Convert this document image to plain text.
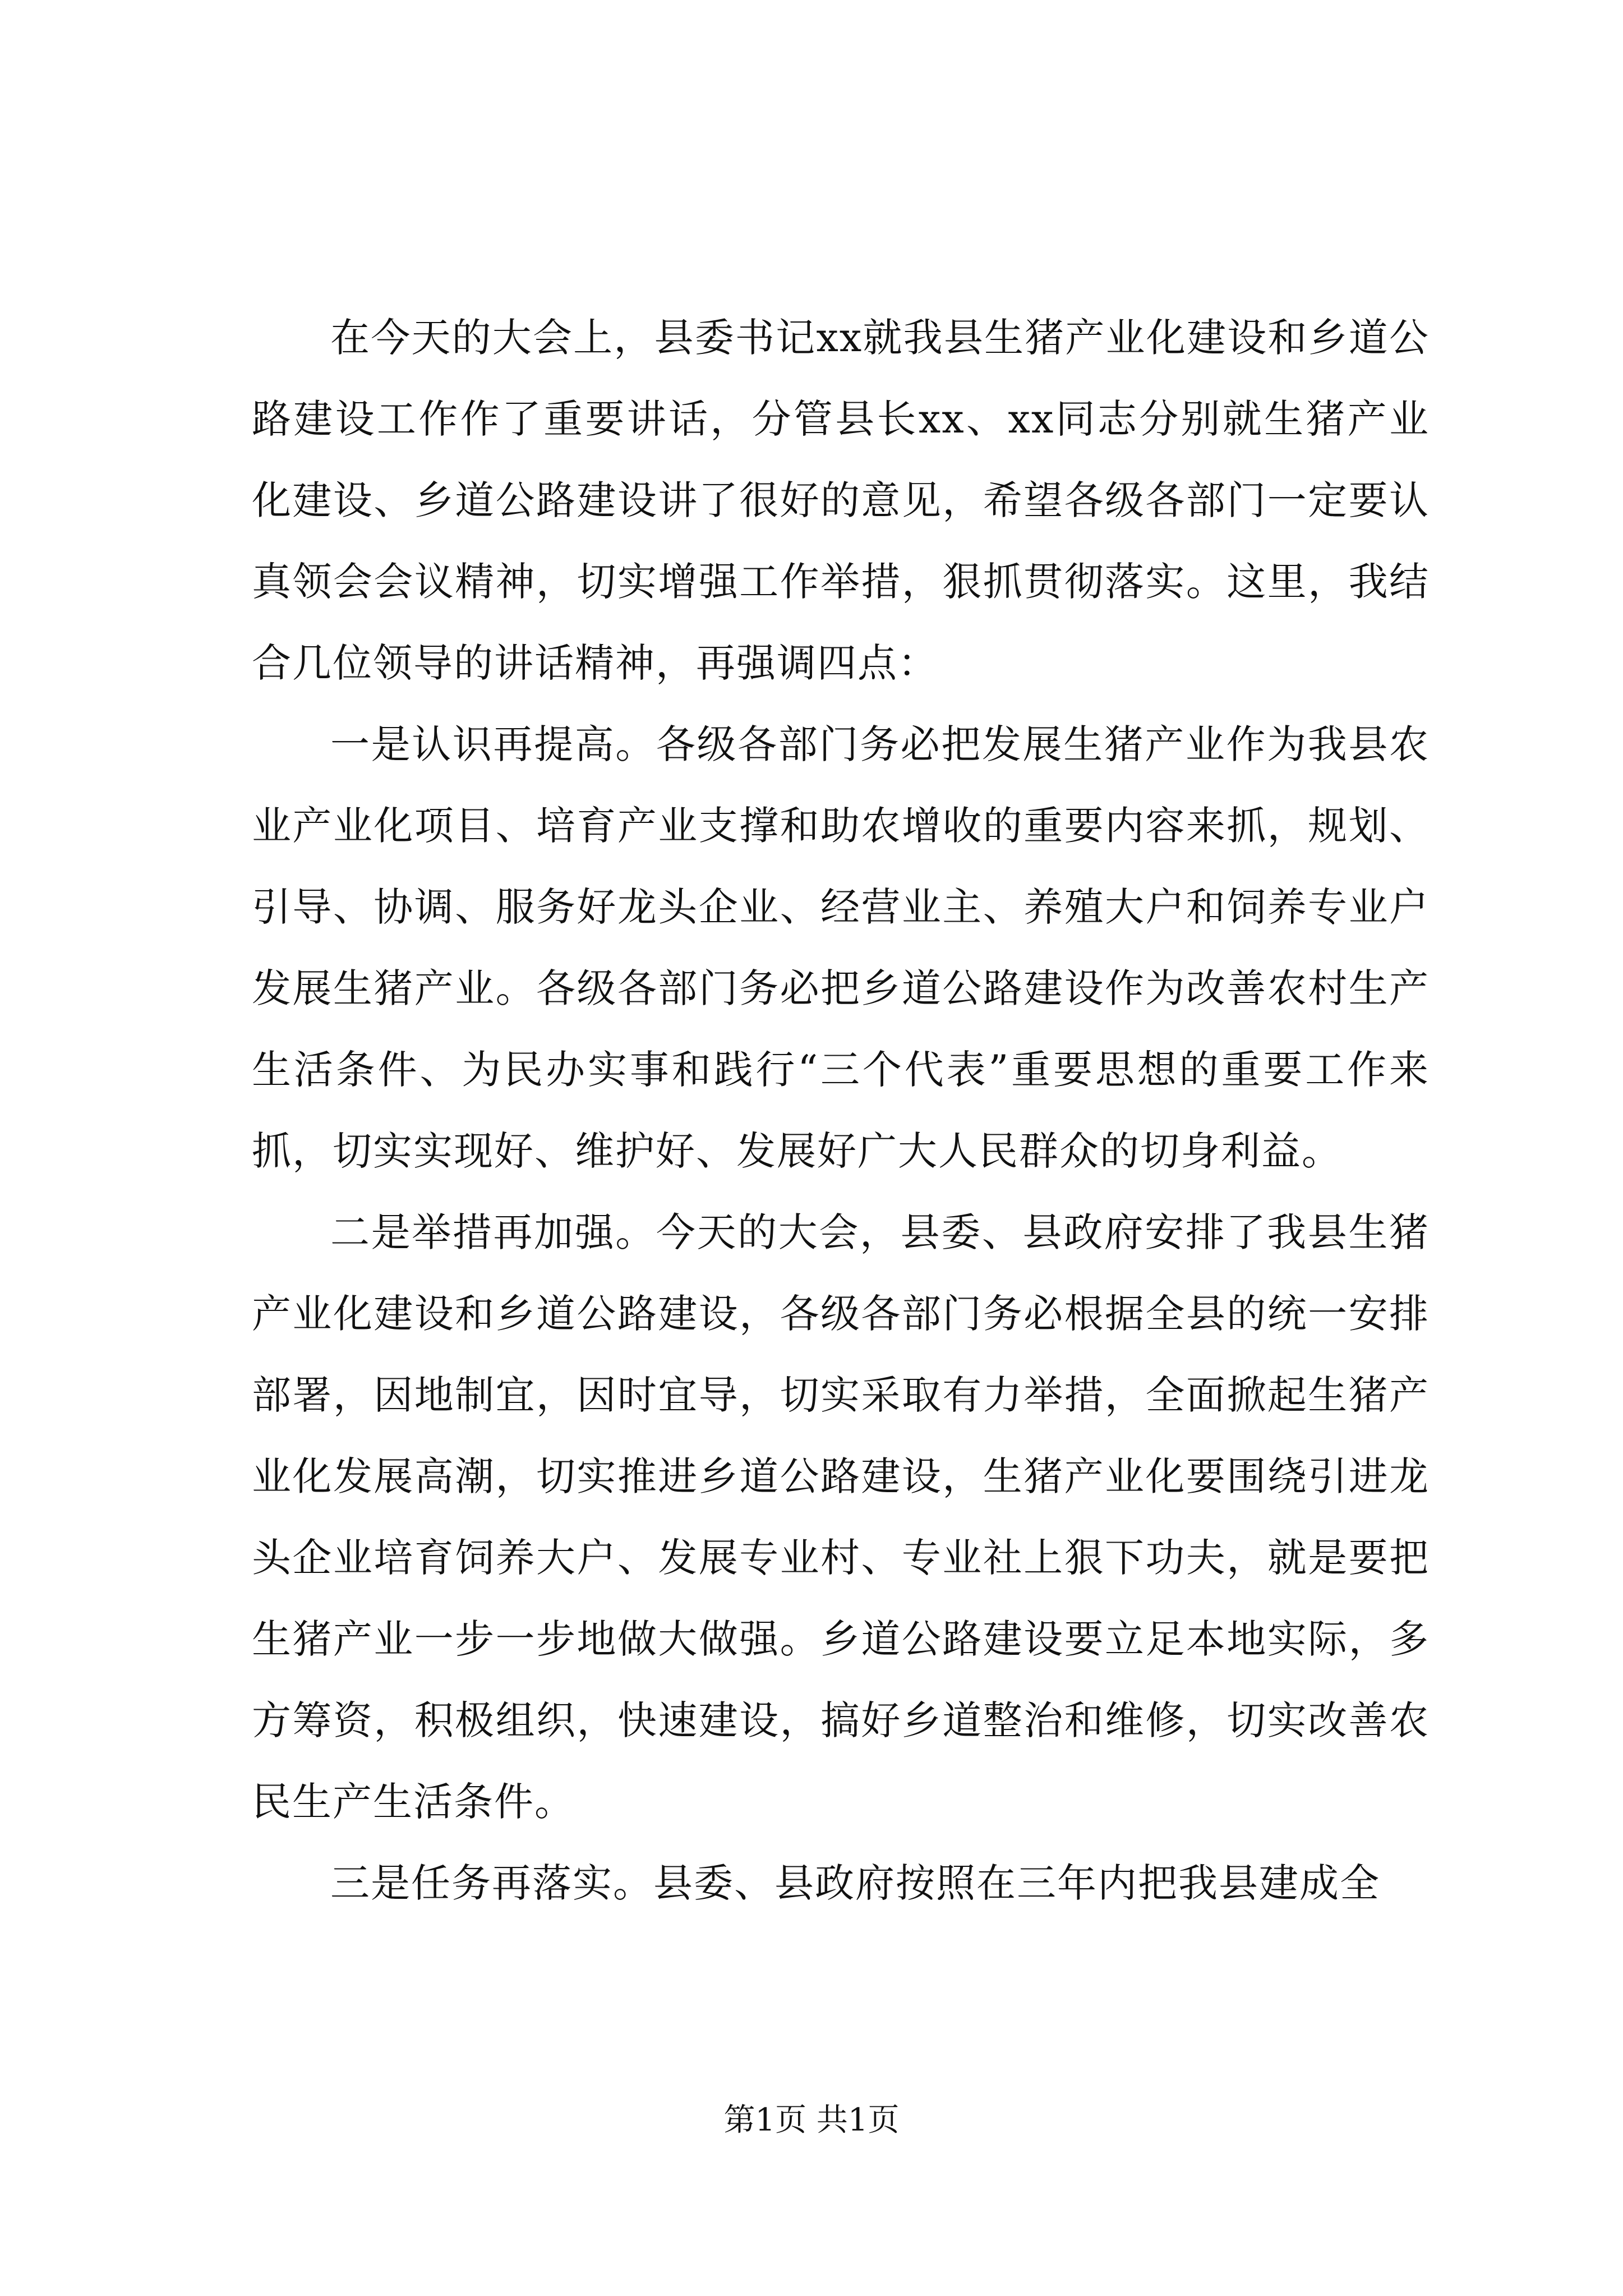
在今天的大会上，县委书记xx就我县生猪产业化建设和乡道公路建设工作作了重要讲话，分管县长xx、xx同志分别就生猪产业化建设、乡道公路建设讲了很好的意见，希望各级各部门一定要认真领会会议精神，切实增强工作举措，狠抓贯彻落实。这里，我结合几位领导的讲话精神，再强调四点：

一是认识再提高。各级各部门务必把发展生猪产业作为我县农业产业化项目、培育产业支撑和助农增收的重要内容来抓，规划、引导、协调、服务好龙头企业、经营业主、养殖大户和饲养专业户发展生猪产业。各级各部门务必把乡道公路建设作为改善农村生产生活条件、为民办实事和践行“三个代表”重要思想的重要工作来抓，切实实现好、维护好、发展好广大人民群众的切身利益。

二是举措再加强。今天的大会，县委、县政府安排了我县生猪产业化建设和乡道公路建设，各级各部门务必根据全县的统一安排部署，因地制宜，因时宜导，切实采取有力举措，全面掀起生猪产业化发展高潮，切实推进乡道公路建设，生猪产业化要围绕引进龙头企业培育饲养大户、发展专业村、专业社上狠下功夫，就是要把生猪产业一步一步地做大做强。乡道公路建设要立足本地实际，多方筹资，积极组织，快速建设，搞好乡道整治和维修，切实改善农民生产生活条件。

三是任务再落实。县委、县政府按照在三年内把我县建成全

第1页 共1页
